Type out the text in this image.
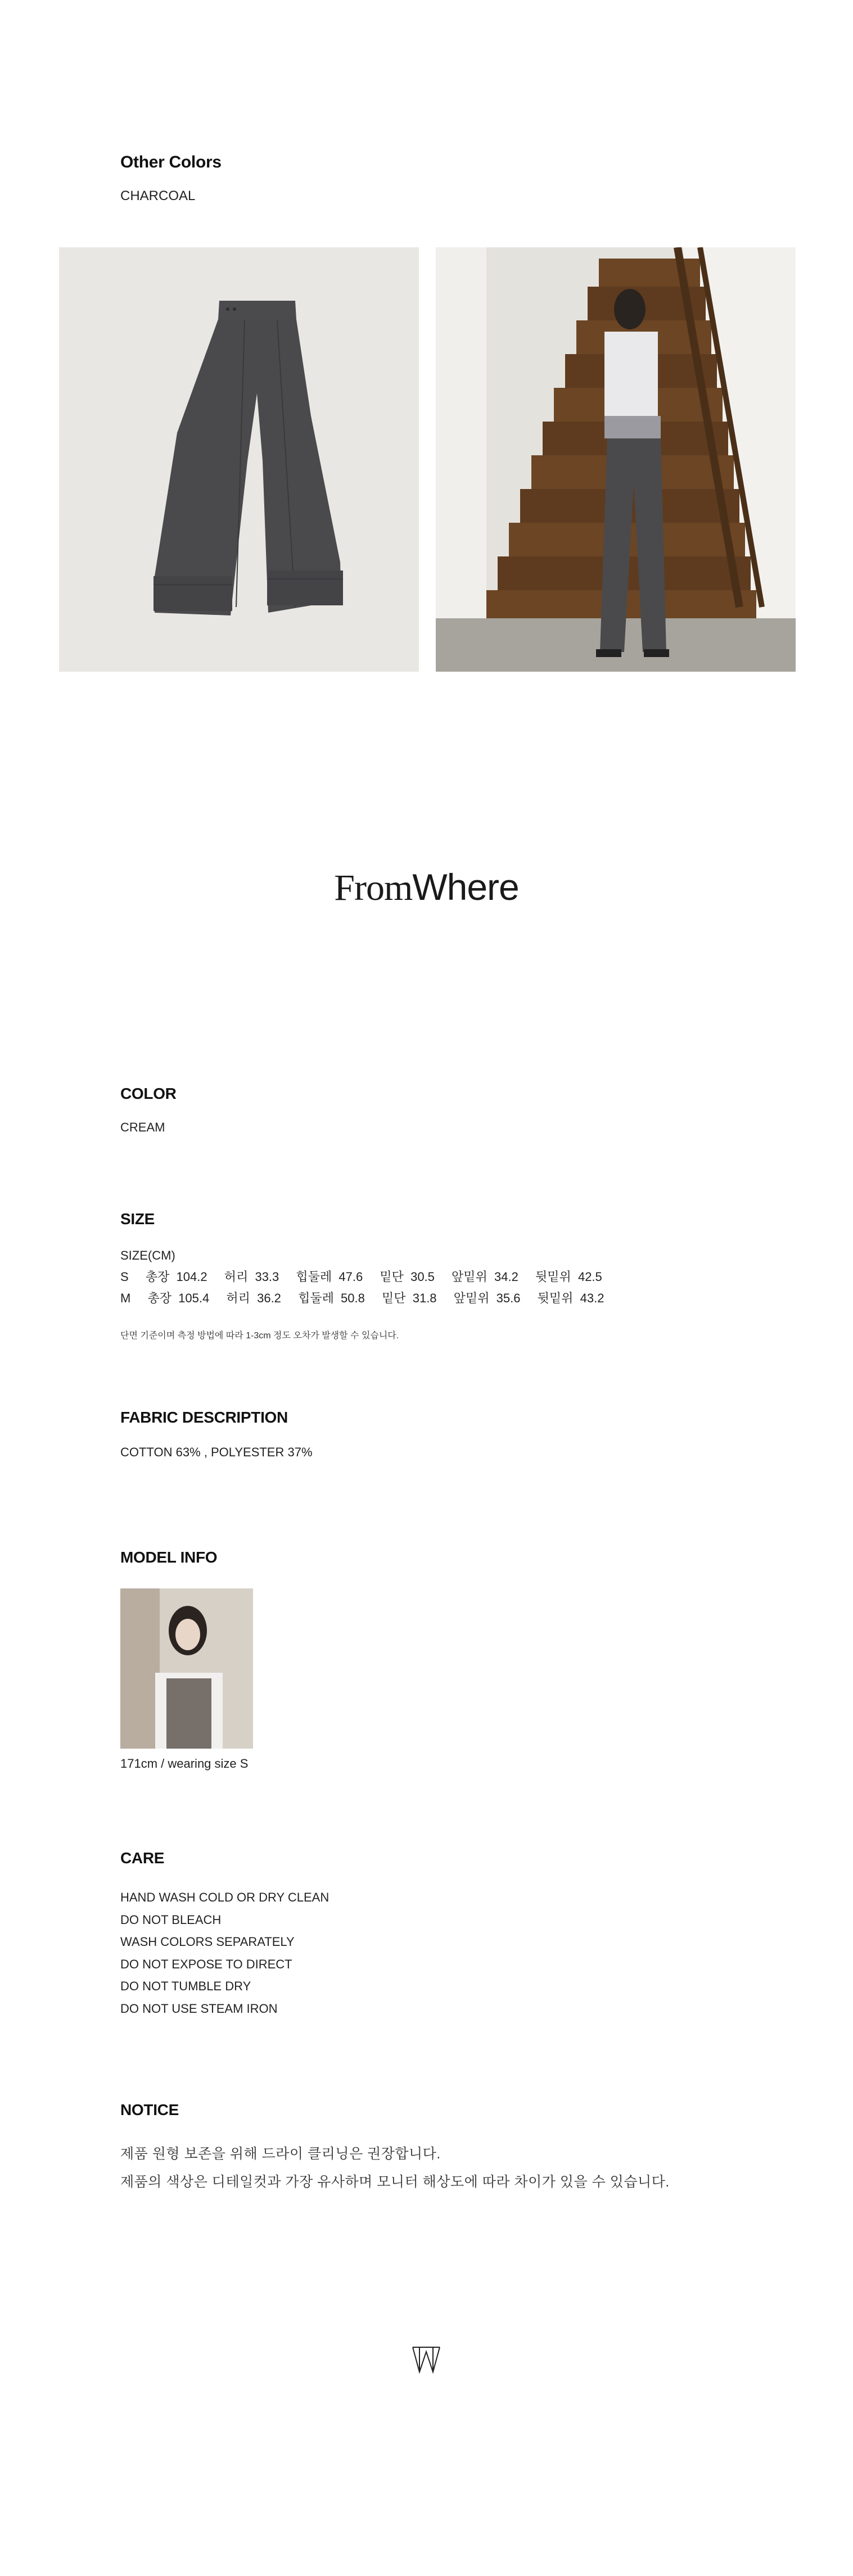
Other Colors
CHARCOAL
FromWhere
COLOR
CREAM
SIZE
SIZE(CM)
S 총장  104.2 허리  33.3 힙둘레  47.6 밑단  30.5 앞밑위  34.2 뒷밑위  42.5
M 총장  105.4 허리  36.2 힙둘레  50.8 밑단  31.8 앞밑위  35.6 뒷밑위  43.2
단면 기준이며 측정 방법에 따라 1-3cm 정도 오차가 발생할 수 있습니다.
FABRIC DESCRIPTION
COTTON 63% , POLYESTER 37%
MODEL INFO
171cm / wearing size S
CARE
HAND WASH COLD OR DRY CLEAN
DO NOT BLEACH
WASH COLORS SEPARATELY
DO NOT EXPOSE TO DIRECT
DO NOT TUMBLE DRY
DO NOT USE STEAM IRON
NOTICE
제품 원형 보존을 위해 드라이 클리닝은 권장합니다.
제품의 색상은 디테일컷과 가장 유사하며 모니터 해상도에 따라 차이가 있을 수 있습니다.
